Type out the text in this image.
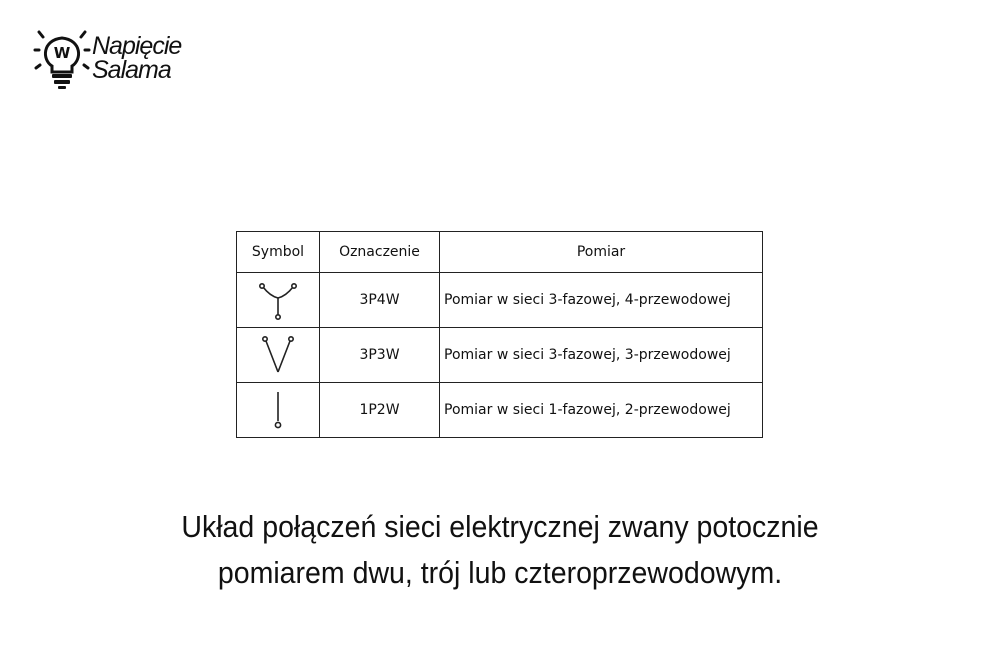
W Napięcie
Salama
Symbol	Oznaczenie	Pomiar

	3P4W	Pomiar w sieci 3-fazowej, 4-przewodowej

	3P3W	Pomiar w sieci 3-fazowej, 3-przewodowej

	1P2W	Pomiar w sieci 1-fazowej, 2-przewodowej
Układ połączeń sieci elektrycznej zwany potocznie
pomiarem dwu, trój lub czteroprzewodowym.
